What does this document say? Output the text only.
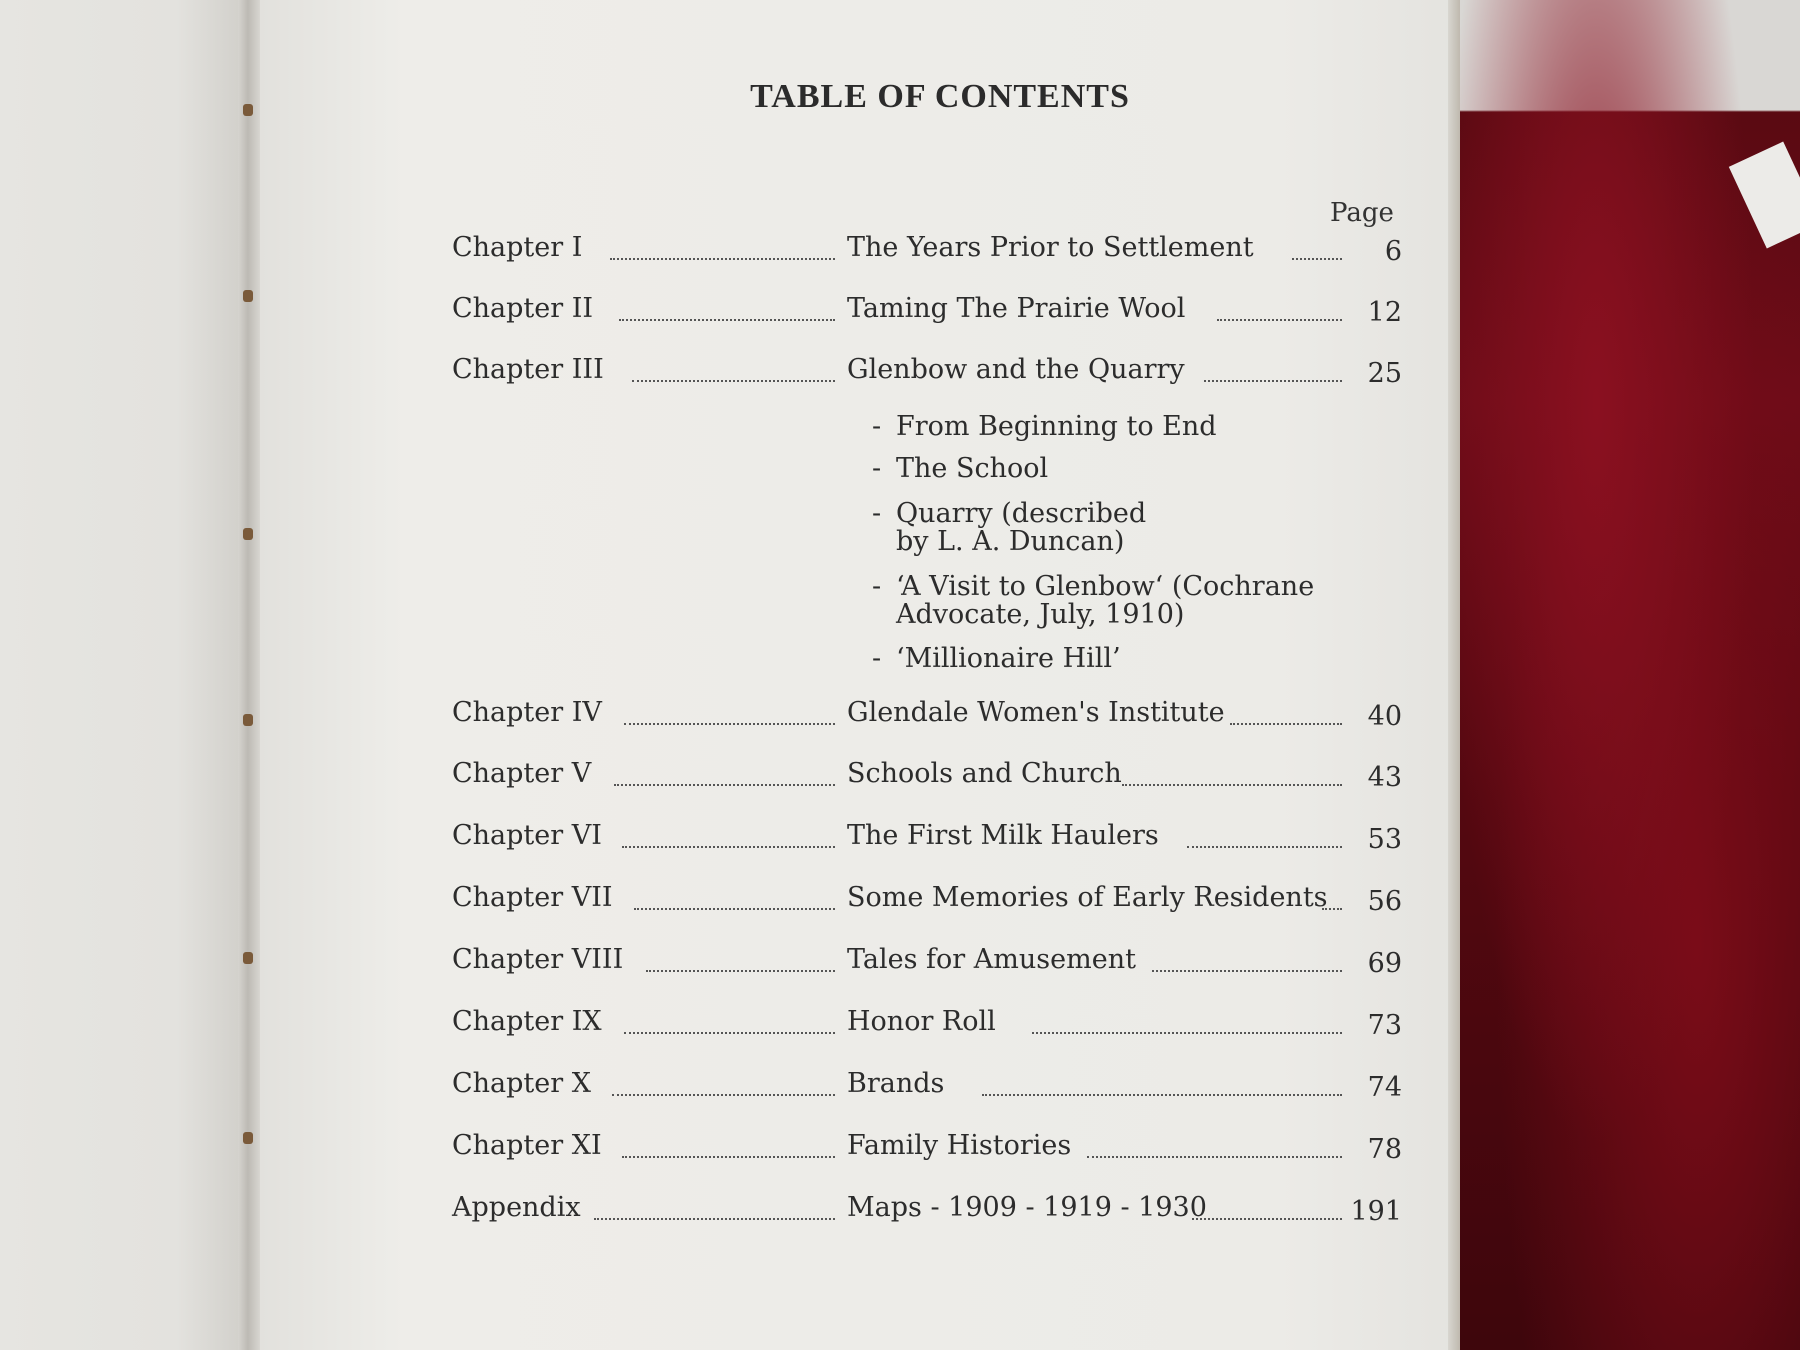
TABLE OF CONTENTS
Page
Chapter I	The Years Prior to Settlement	6
Chapter II	Taming The Prairie Wool	12
Chapter III	Glenbow and the Quarry	25
- From Beginning to End
- The School
- Quarry (described
by L. A. Duncan)
- ‘A Visit to Glenbow‘ (Cochrane
Advocate, July, 1910)
- ‘Millionaire Hill’
Chapter IV	Glendale Women's Institute	40
Chapter V	Schools and Church	43
Chapter VI	The First Milk Haulers	53
Chapter VII	Some Memories of Early Residents	56
Chapter VIII	Tales for Amusement	69
Chapter IX	Honor Roll	73
Chapter X	Brands	74
Chapter XI	Family Histories	78
Appendix	Maps - 1909 - 1919 - 1930	191
